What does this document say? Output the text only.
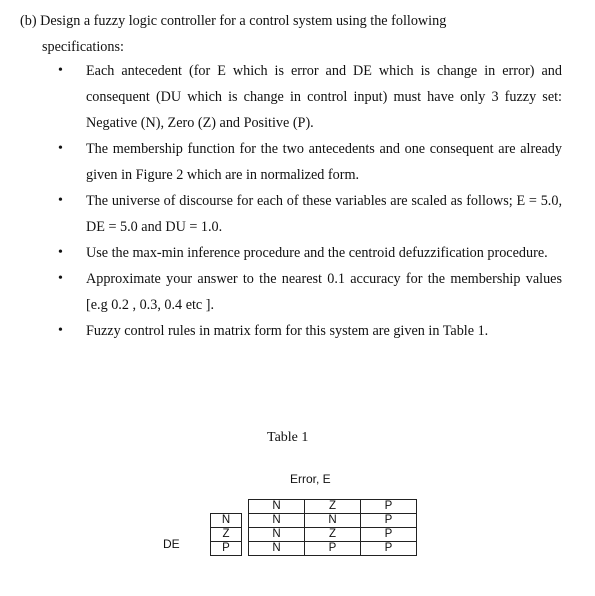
(b) Design a fuzzy logic controller for a control system using the following
specifications:
• Each antecedent (for E which is error and DE which is change in error) and consequent (DU which is change in control input) must have only 3 fuzzy set: Negative (N), Zero (Z) and Positive (P).
• The membership function for the two antecedents and one consequent are already given in Figure 2 which are in normalized form.
• The universe of discourse for each of these variables are scaled as follows; E = 5.0, DE = 5.0 and DU = 1.0.
• Use the max-min inference procedure and the centroid defuzzification procedure.
• Approximate your answer to the nearest 0.1 accuracy for the membership values [e.g 0.2 , 0.3, 0.4 etc ].
• Fuzzy control rules in matrix form for this system are given in Table 1.
Table 1
Error, E
DE
		N	Z	P
N		N	N	P
Z		N	Z	P
P		N	P	P
